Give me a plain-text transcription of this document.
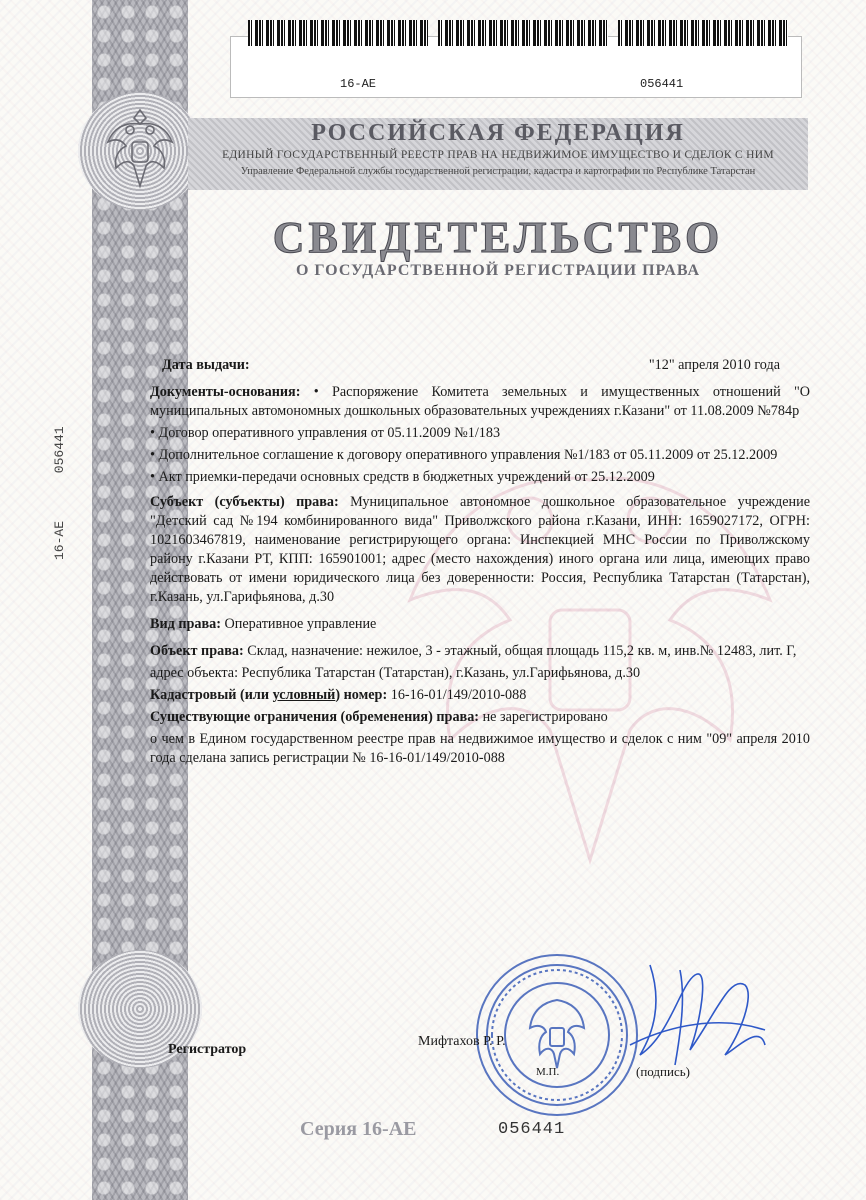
16-AE	056441
РОССИЙСКАЯ ФЕДЕРАЦИЯ
ЕДИНЫЙ ГОСУДАРСТВЕННЫЙ РЕЕСТР ПРАВ НА НЕДВИЖИМОЕ ИМУЩЕСТВО И СДЕЛОК С НИМ
Управление Федеральной службы государственной регистрации, кадастра и картографии по Республике Татарстан
СВИДЕТЕЛЬСТВО
О ГОСУДАРСТВЕННОЙ РЕГИСТРАЦИИ ПРАВА
16-AE 056441
Дата выдачи:	"12" апреля 2010 года

Документы-основания: • Распоряжение Комитета земельных и имущественных отношений "О муниципальных автомономных дошкольных образовательных учреждениях г.Казани" от 11.08.2009 №784р

• Договор оперативного управления от 05.11.2009 №1/183

• Дополнительное соглашение к договору оперативного управления №1/183 от 05.11.2009 от 25.12.2009

• Акт приемки-передачи основных средств в бюджетных учреждений от 25.12.2009

Субъект (субъекты) права: Муниципальное автономное дошкольное образовательное учреждение "Детский сад №194 комбинированного вида" Приволжского района г.Казани, ИНН: 1659027172, ОГРН: 1021603467819, наименование регистрирующего органа: Инспекцией МНС России по Приволжскому району г.Казани РТ, КПП: 165901001; адрес (место нахождения) иного органа или лица, имеющих право действовать от имени юридического лица без доверенности: Россия, Республика Татарстан (Татарстан), г.Казань, ул.Гарифьянова, д.30

Вид права: Оперативное управление

Объект права: Склад, назначение: нежилое, 3 - этажный, общая площадь 115,2 кв. м, инв.№ 12483, лит. Г,

адрес объекта: Республика Татарстан (Татарстан), г.Казань, ул.Гарифьянова, д.30

Кадастровый (или условный) номер: 16-16-01/149/2010-088

Существующие ограничения (обременения) права: не зарегистрировано

о чем в Едином государственном реестре прав на недвижимое имущество и сделок с ним "09" апреля 2010 года сделана запись регистрации № 16-16-01/149/2010-088

Регистратор
Мифтахов Р. Р.
М.П.	(подпись)
Серия 16-АЕ	056441
